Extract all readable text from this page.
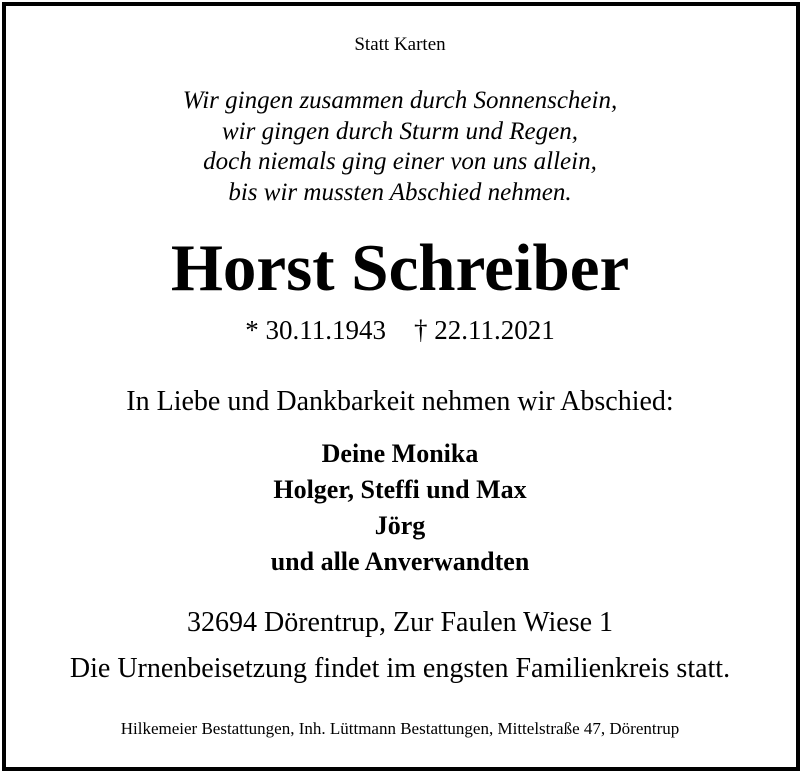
Statt Karten
Wir gingen zusammen durch Sonnenschein,
wir gingen durch Sturm und Regen,
doch niemals ging einer von uns allein,
bis wir mussten Abschied nehmen.
Horst Schreiber
* 30.11.1943 † 22.11.2021
In Liebe und Dankbarkeit nehmen wir Abschied:
Deine Monika
Holger, Steffi und Max
Jörg
und alle Anverwandten
32694 Dörentrup, Zur Faulen Wiese 1
Die Urnenbeisetzung findet im engsten Familienkreis statt.
Hilkemeier Bestattungen, Inh. Lüttmann Bestattungen, Mittelstraße 47, Dörentrup
